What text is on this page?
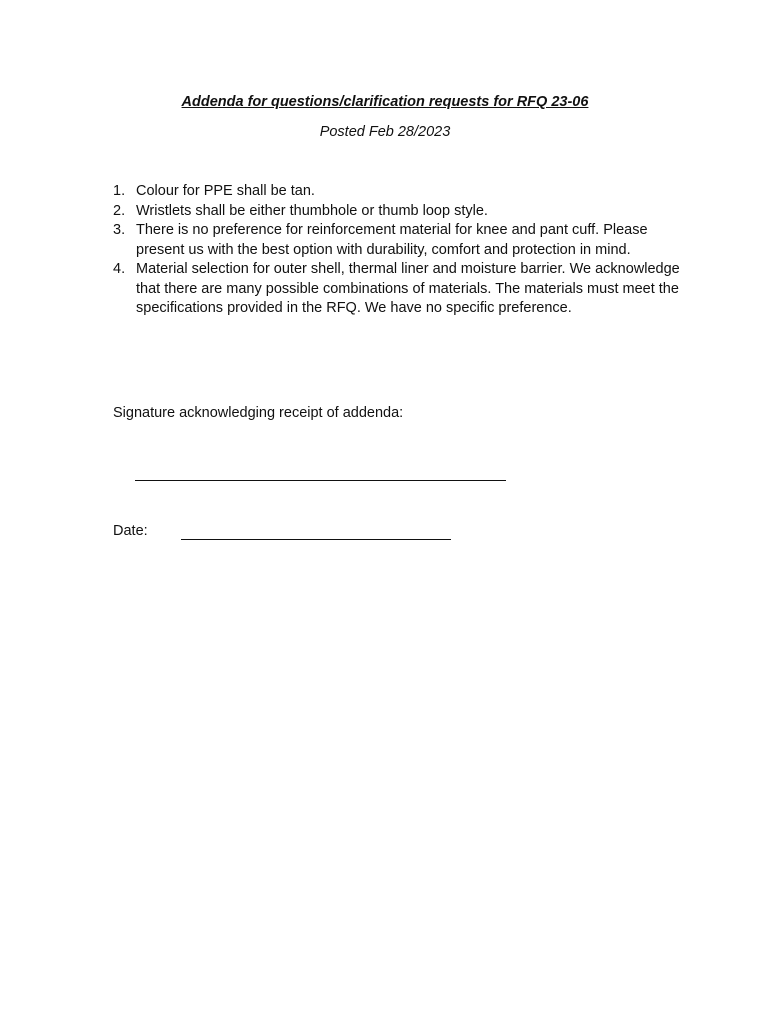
Addenda for questions/clarification requests for RFQ 23-06
Posted Feb 28/2023
1. Colour for PPE shall be tan.
2. Wristlets shall be either thumbhole or thumb loop style.
3. There is no preference for reinforcement material for knee and pant cuff. Please present us with the best option with durability, comfort and protection in mind.
4. Material selection for outer shell, thermal liner and moisture barrier. We acknowledge that there are many possible combinations of materials. The materials must meet the specifications provided in the RFQ. We have no specific preference.
Signature acknowledging receipt of addenda:
Date:
